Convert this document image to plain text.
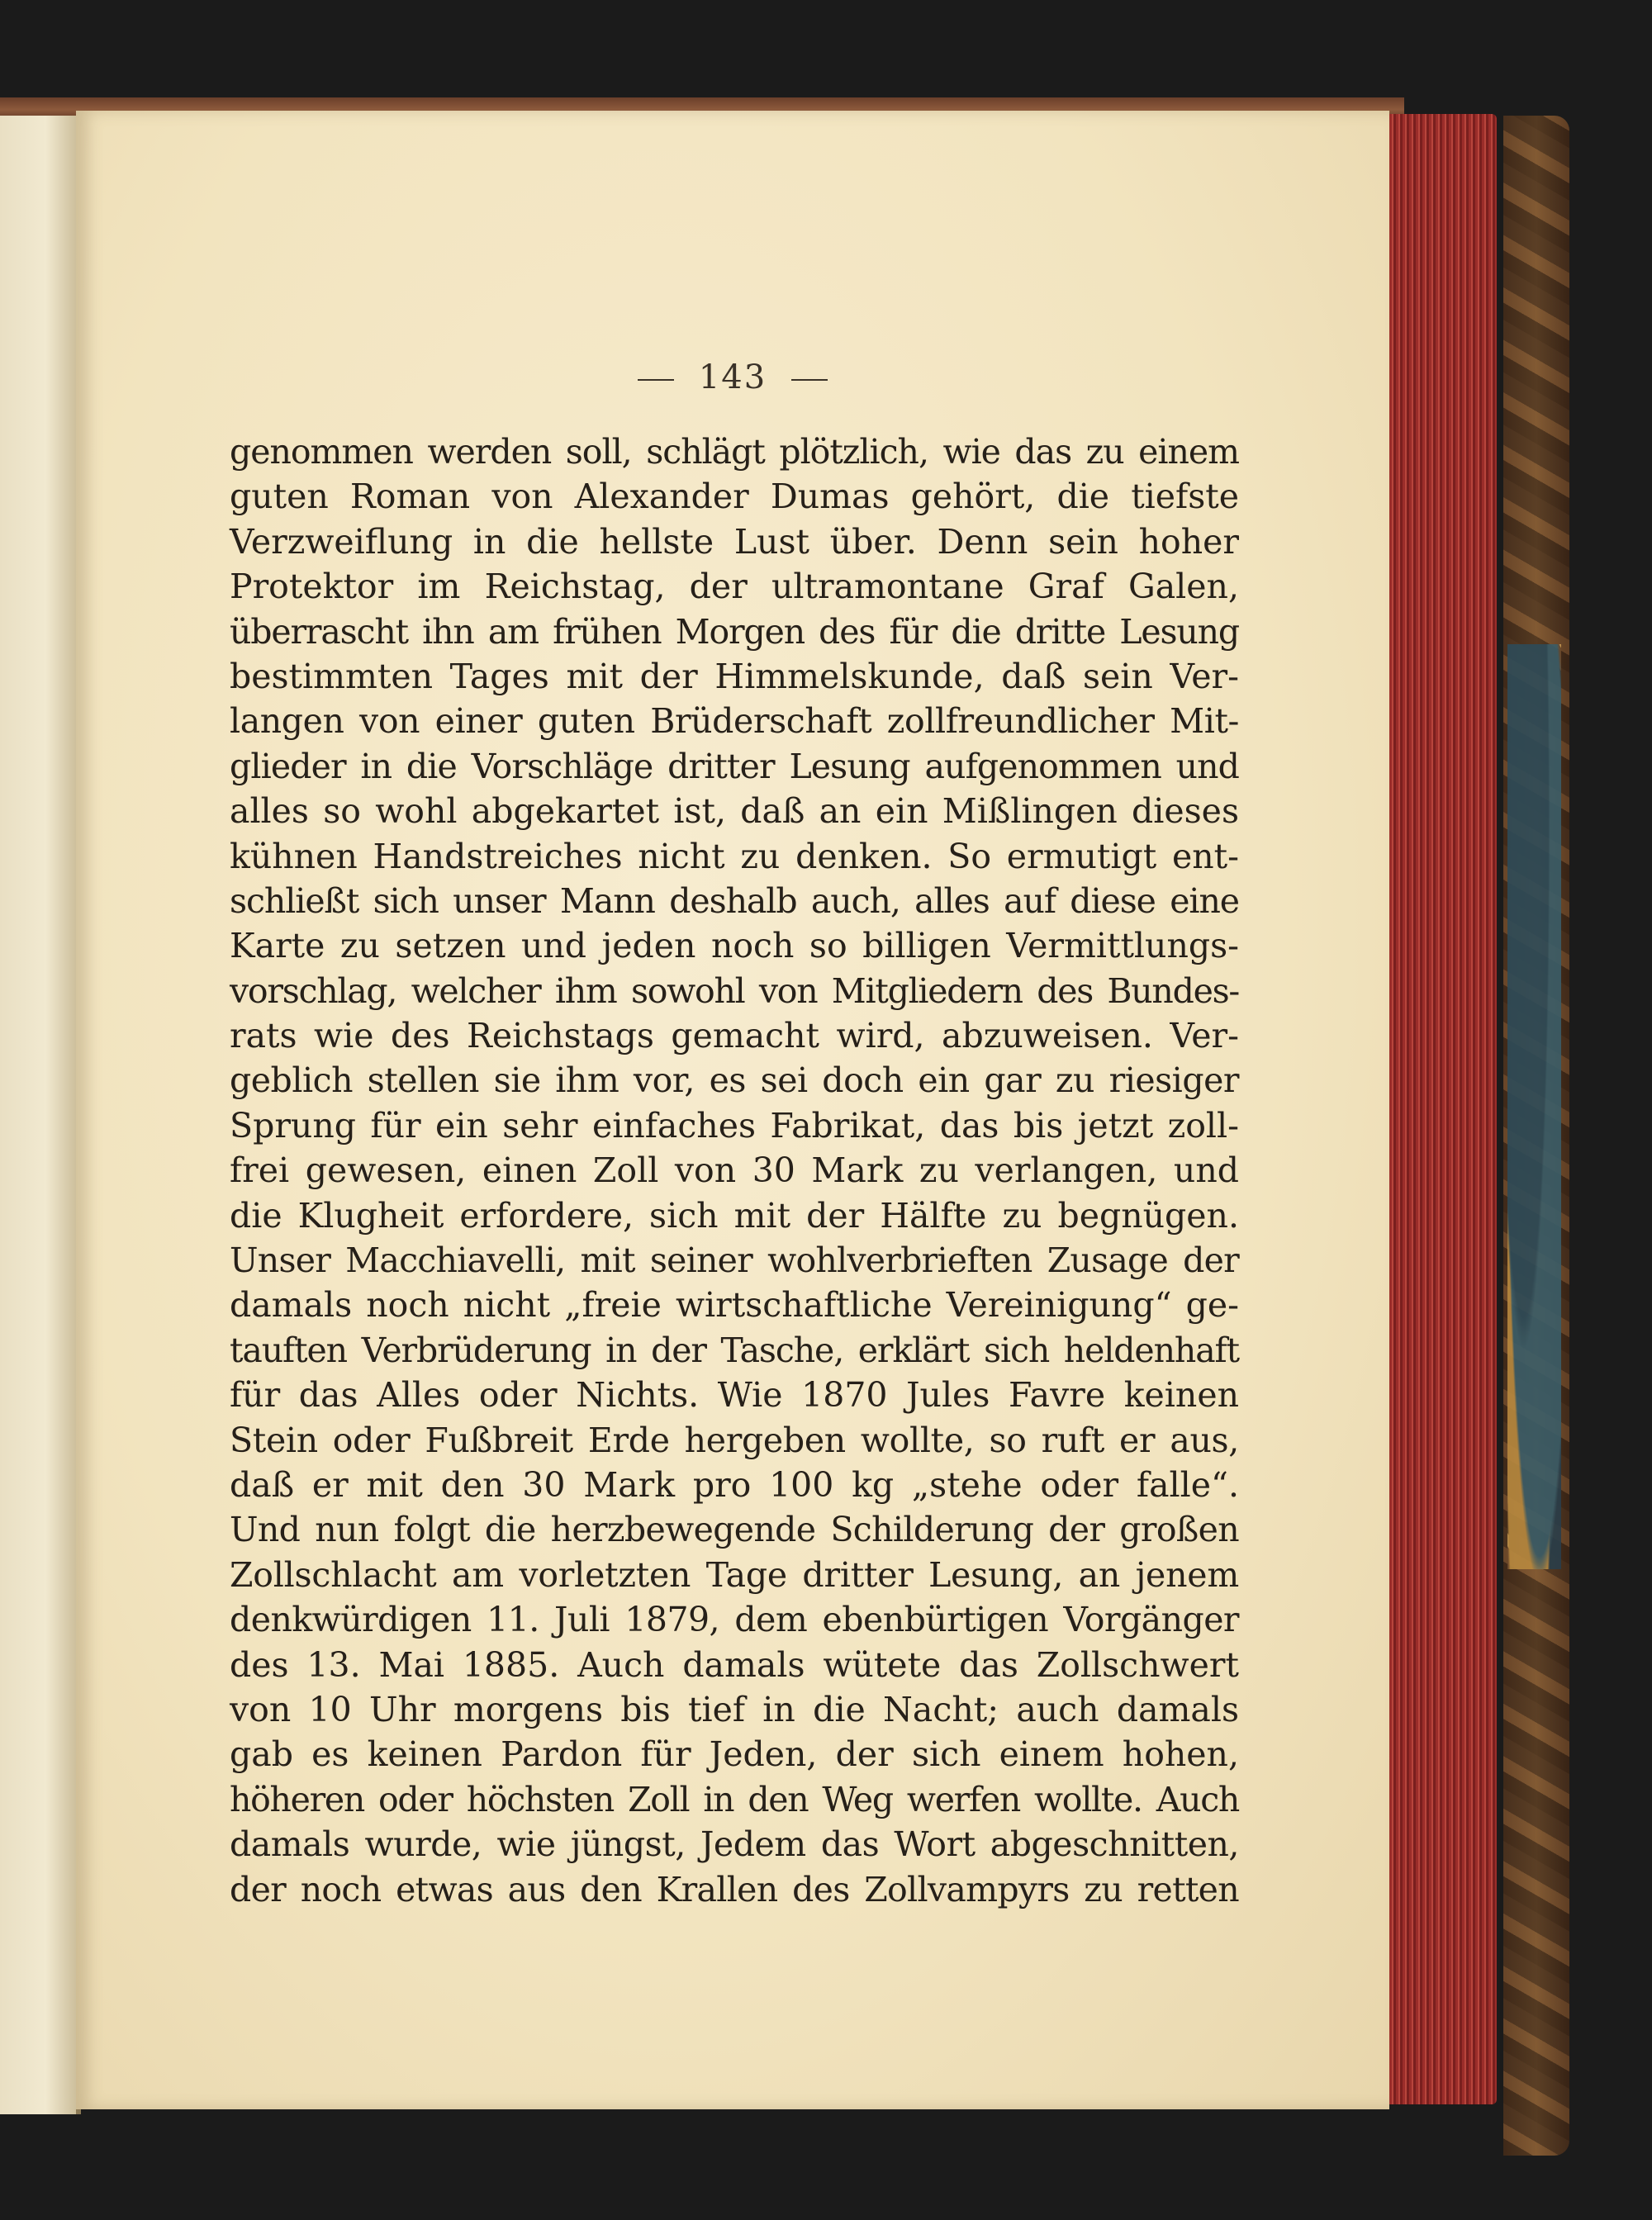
143
genommen werden soll, schlägt plötzlich, wie das zu einem
guten Roman von Alexander Dumas gehört, die tiefste
Verzweiflung in die hellste Lust über. Denn sein hoher
Protektor im Reichstag, der ultramontane Graf Galen,
überrascht ihn am frühen Morgen des für die dritte Lesung
bestimmten Tages mit der Himmelskunde, daß sein Ver-
langen von einer guten Brüderschaft zollfreundlicher Mit-
glieder in die Vorschläge dritter Lesung aufgenommen und
alles so wohl abgekartet ist, daß an ein Mißlingen dieses
kühnen Handstreiches nicht zu denken. So ermutigt ent-
schließt sich unser Mann deshalb auch, alles auf diese eine
Karte zu setzen und jeden noch so billigen Vermittlungs-
vorschlag, welcher ihm sowohl von Mitgliedern des Bundes-
rats wie des Reichstags gemacht wird, abzuweisen. Ver-
geblich stellen sie ihm vor, es sei doch ein gar zu riesiger
Sprung für ein sehr einfaches Fabrikat, das bis jetzt zoll-
frei gewesen, einen Zoll von 30 Mark zu verlangen, und
die Klugheit erfordere, sich mit der Hälfte zu begnügen.
Unser Macchiavelli, mit seiner wohlverbrieften Zusage der
damals noch nicht „freie wirtschaftliche Vereinigung“ ge-
tauften Verbrüderung in der Tasche, erklärt sich heldenhaft
für das Alles oder Nichts. Wie 1870 Jules Favre keinen
Stein oder Fußbreit Erde hergeben wollte, so ruft er aus,
daß er mit den 30 Mark pro 100 kg „stehe oder falle“.
Und nun folgt die herzbewegende Schilderung der großen
Zollschlacht am vorletzten Tage dritter Lesung, an jenem
denkwürdigen 11. Juli 1879, dem ebenbürtigen Vorgänger
des 13. Mai 1885. Auch damals wütete das Zollschwert
von 10 Uhr morgens bis tief in die Nacht; auch damals
gab es keinen Pardon für Jeden, der sich einem hohen,
höheren oder höchsten Zoll in den Weg werfen wollte. Auch
damals wurde, wie jüngst, Jedem das Wort abgeschnitten,
der noch etwas aus den Krallen des Zollvampyrs zu retten
